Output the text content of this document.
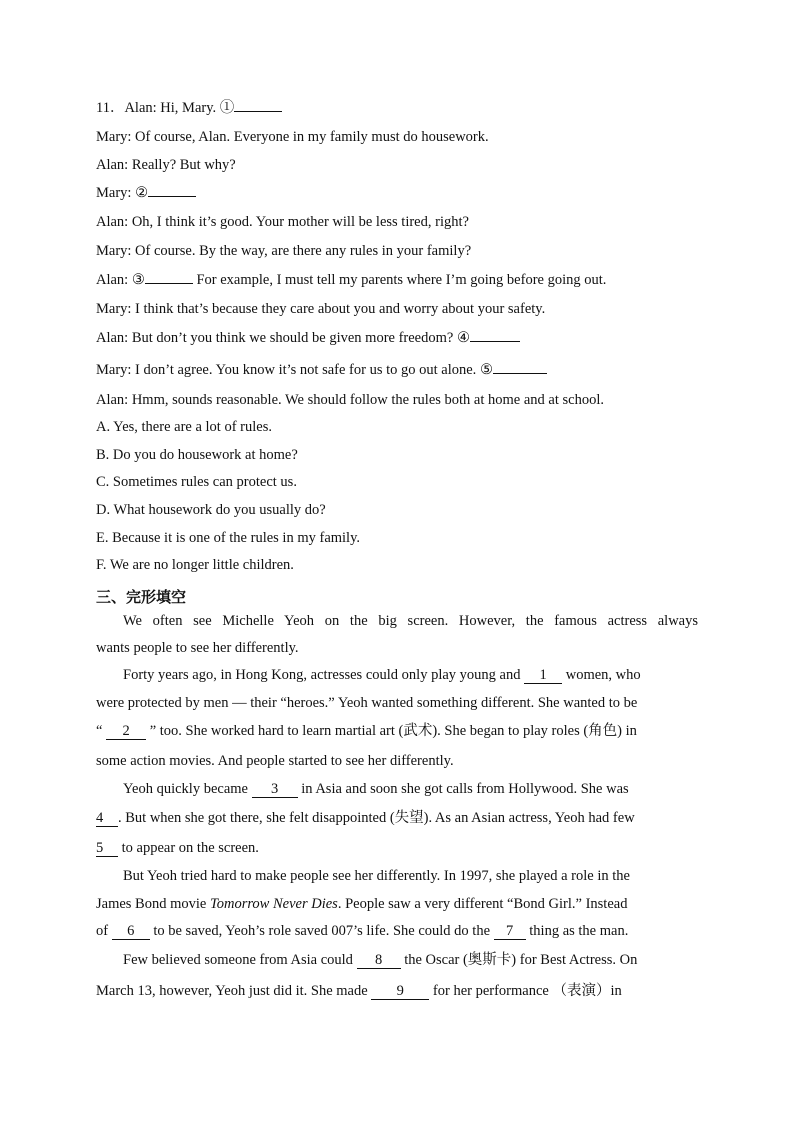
11．Alan: Hi, Mary. ①
Mary: Of course, Alan. Everyone in my family must do housework.
Alan: Really? But why?
Mary: ②
Alan: Oh, I think it’s good. Your mother will be less tired, right?
Mary: Of course. By the way, are there any rules in your family?
Alan: ③	For example, I must tell my parents where I’m going before going out.
Mary: I think that’s because they care about you and worry about your safety.
Alan: But don’t you think we should be given more freedom? ④
Mary: I don’t agree. You know it’s not safe for us to go out alone. ⑤
Alan: Hmm, sounds reasonable. We should follow the rules both at home and at school.
A. Yes, there are a lot of rules.
B. Do you do housework at home?
C. Sometimes rules can protect us.
D. What housework do you usually do?
E. Because it is one of the rules in my family.
F. We are no longer little children.
三、完形填空
We often see Michelle Yeoh on the big screen. However, the famous actress always
wants people to see her differently.
Forty years ago, in Hong Kong, actresses could only play young and 1 women, who
were protected by men — their “heroes.” Yeoh wanted something different. She wanted to be
“ 2 ” too. She worked hard to learn martial art (武术). She began to play roles (角色) in
some action movies. And people started to see her differently.
Yeoh quickly became 3 in Asia and soon she got calls from Hollywood. She was
4 . But when she got there, she felt disappointed (失望). As an Asian actress, Yeoh had few
5 to appear on the screen.
But Yeoh tried hard to make people see her differently. In 1997, she played a role in the
James Bond movie Tomorrow Never Dies. People saw a very different “Bond Girl.” Instead
of 6 to be saved, Yeoh’s role saved 007’s life. She could do the 7 thing as the man.
Few believed someone from Asia could 8 the Oscar (奥斯卡) for Best Actress. On
March 13, however, Yeoh just did it. She made 9 for her performance （表演）in
